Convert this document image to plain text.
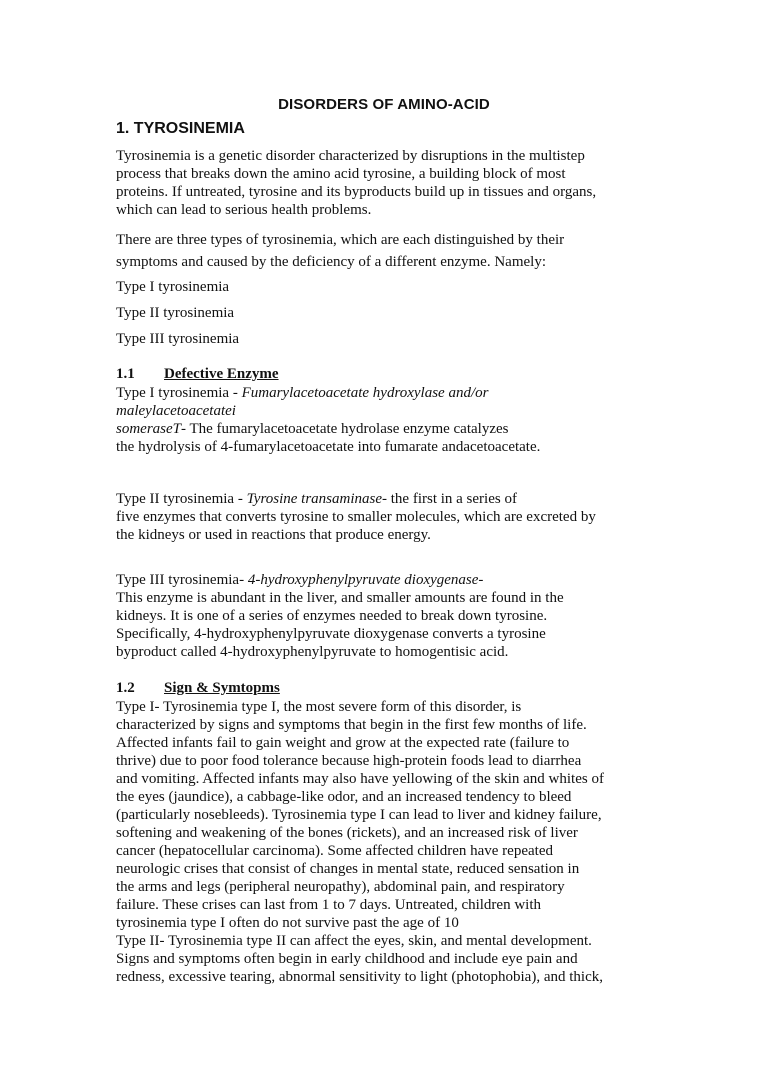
DISORDERS OF AMINO-ACID
1. TYROSINEMIA
Tyrosinemia is a genetic disorder characterized by disruptions in the multistep
process that breaks down the amino acid tyrosine, a building block of most
proteins. If untreated, tyrosine and its byproducts build up in tissues and organs,
which can lead to serious health problems.
There are three types of tyrosinemia, which are each distinguished by their
symptoms and caused by the deficiency of a different enzyme. Namely:
Type I tyrosinemia
Type II tyrosinemia
Type III tyrosinemia
1.1 Defective Enzyme
Type I tyrosinemia - Fumarylacetoacetate hydroxylase and/or
maleylacetoacetatei
someraseT- The fumarylacetoacetate hydrolase enzyme catalyzes
the hydrolysis of 4-fumarylacetoacetate into fumarate andacetoacetate.
Type II tyrosinemia - Tyrosine transaminase- the first in a series of
five enzymes that converts tyrosine to smaller molecules, which are excreted by
the kidneys or used in reactions that produce energy.
Type III tyrosinemia- 4-hydroxyphenylpyruvate dioxygenase-
This enzyme is abundant in the liver, and smaller amounts are found in the
kidneys. It is one of a series of enzymes needed to break down tyrosine.
Specifically, 4-hydroxyphenylpyruvate dioxygenase converts a tyrosine
byproduct called 4-hydroxyphenylpyruvate to homogentisic acid.
1.2 Sign & Symtopms
Type I- Tyrosinemia type I, the most severe form of this disorder, is
characterized by signs and symptoms that begin in the first few months of life.
Affected infants fail to gain weight and grow at the expected rate (failure to
thrive) due to poor food tolerance because high-protein foods lead to diarrhea
and vomiting. Affected infants may also have yellowing of the skin and whites of
the eyes (jaundice), a cabbage-like odor, and an increased tendency to bleed
(particularly nosebleeds). Tyrosinemia type I can lead to liver and kidney failure,
softening and weakening of the bones (rickets), and an increased risk of liver
cancer (hepatocellular carcinoma). Some affected children have repeated
neurologic crises that consist of changes in mental state, reduced sensation in
the arms and legs (peripheral neuropathy), abdominal pain, and respiratory
failure. These crises can last from 1 to 7 days. Untreated, children with
tyrosinemia type I often do not survive past the age of 10
Type II- Tyrosinemia type II can affect the eyes, skin, and mental development.
Signs and symptoms often begin in early childhood and include eye pain and
redness, excessive tearing, abnormal sensitivity to light (photophobia), and thick,
